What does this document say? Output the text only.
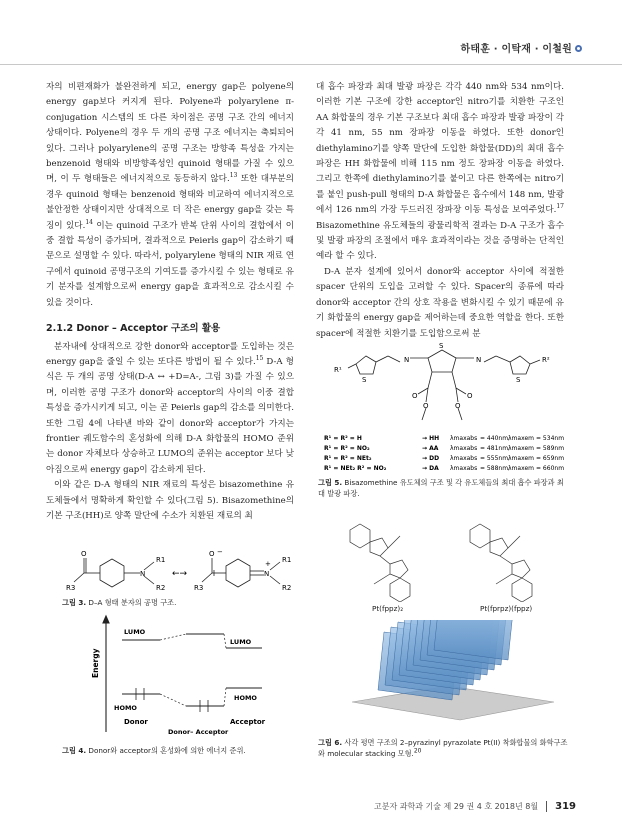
하태훈 · 이탁재 · 이철원

자의 비편재화가 불완전하게 되고, energy gap은 polyene의 energy gap보다 커지게 된다. Polyene과 polyarylene π-conjugation 시스템의 또 다른 차이점은 공명 구조 간의 에너지 상태이다. Polyene의 경우 두 개의 공명 구조 에너지는 축퇴되어 있다. 그러나 polyarylene의 공명 구조는 방향족 특성을 가지는 benzenoid 형태와 비방향족성인 quinoid 형태를 가질 수 있으며, 이 두 형태들은 에너지적으로 동등하지 않다.$^{13}$ 또한 대부분의 경우 quinoid 형태는 benzenoid 형태와 비교하여 에너지적으로 불안정한 상태이지만 상대적으로 더 작은 energy gap을 갖는 특징이 있다.$^{14}$ 이는 quinoid 구조가 반복 단위 사이의 결합에서 이중 결합 특성이 증가되며, 결과적으로 Peierls gap이 감소하기 때문으로 설명할 수 있다. 따라서, polyarylene 형태의 NIR 재료 연구에서 quinoid 공명구조의 기여도를 증가시킬 수 있는 형태로 유기 분자를 설계함으로써 energy gap을 효과적으로 감소시킬 수 있을 것이다.

2.1.2 Donor – Acceptor 구조의 활용

분자내에 상대적으로 강한 donor와 acceptor를 도입하는 것은 energy gap을 줄일 수 있는 또다른 방법이 될 수 있다.$^{15}$ D-A 형식은 두 개의 공명 상태(D-A ↔ +D=A-, 그림 3)를 가질 수 있으며, 이러한 공명 구조가 donor와 acceptor의 사이의 이중 결합 특성을 증가시키게 되고, 이는 곧 Peierls gap의 감소를 의미한다. 또한 그림 4에 나타낸 바와 같이 donor와 acceptor가 가지는 frontier 궤도함수의 혼성화에 의해 D-A 화합물의 HOMO 준위는 donor 자체보다 상승하고 LUMO의 준위는 acceptor 보다 낮아짐으로써 energy gap이 감소하게 된다.

이와 같은 D-A 형태의 NIR 재료의 특성은 bisazomethine 유도체들에서 명확하게 확인할 수 있다(그림 5). Bisazomethine의 기본 구조(HH)로 양쪽 말단에 수소가 치환된 재료의 최

대 흡수 파장과 최대 발광 파장은 각각 440 nm와 534 nm이다. 이러한 기본 구조에 강한 acceptor인 nitro기를 치환한 구조인 AA 화합물의 경우 기본 구조보다 최대 흡수 파장과 발광 파장이 각각 41 nm, 55 nm 장파장 이동을 하였다. 또한 donor인 diethylamino기를 양쪽 말단에 도입한 화합물(DD)의 최대 흡수 파장은 HH 화합물에 비해 115 nm 정도 장파장 이동을 하였다. 그리고 한쪽에 diethylamino기를 붙이고 다른 한쪽에는 nitro기를 붙인 push-pull 형태의 D-A 화합물은 흡수에서 148 nm, 발광에서 126 nm의 가장 두드러진 장파장 이동 특성을 보여주었다.$^{17}$ Bisazomethine 유도체들의 광물리학적 결과는 D-A 구조가 흡수 및 발광 파장의 조절에서 매우 효과적이라는 것을 증명하는 단적인 예라 할 수 있다.

D-A 분자 설계에 있어서 donor와 acceptor 사이에 적절한 spacer 단위의 도입을 고려할 수 있다. Spacer의 종류에 따라 donor와 acceptor 간의 상호 작용을 변화시킬 수 있기 때문에 유기 화합물의 energy gap을 제어하는데 중요한 역할을 한다. 또한 spacer에 적절한 치환기를 도입함으로써 분

N	N
S
S	S
R¹
R²
O	O
O	O
R¹ = R² = H	→ HH λmaxabs = 440nm,
λmaxem = 534nm
R¹ = R² = NO₂	→ AA λmaxabs = 481nm,
λmaxem = 589nm
R¹ = R² = NEt₂	→ DD λmaxabs = 555nm,
λmaxem = 659nm
R¹ = NEt₂ R² = NO₂	→ DA λmaxabs = 588nm,
λmaxem = 660nm
그림 5. Bisazomethine 유도체의 구조 및 각 유도체들의 최대 흡수 파장과 최대 발광 파장.
O
R3
N
R1
R2
←→
O −
R3
N
+ R1
R2
그림 3. D–A 형태 분자의 공명 구조.
Energy
LUMO
LUMO
HOMO
HOMO
Donor	Acceptor
Donor– Acceptor
그림 4. Donor와 acceptor의 혼성화에 의한 에너지 준위.
Pt(fppz)₂	Pt(fprpz)(fppz)
그림 6. 사각 평면 구조의 2–pyrazinyl pyrazolate Pt(II) 착화합물의 화학구조와 molecular stacking 모형.$^{20}$
고분자 과학과 기술 제 29 권 4 호 2018년 8월	319
